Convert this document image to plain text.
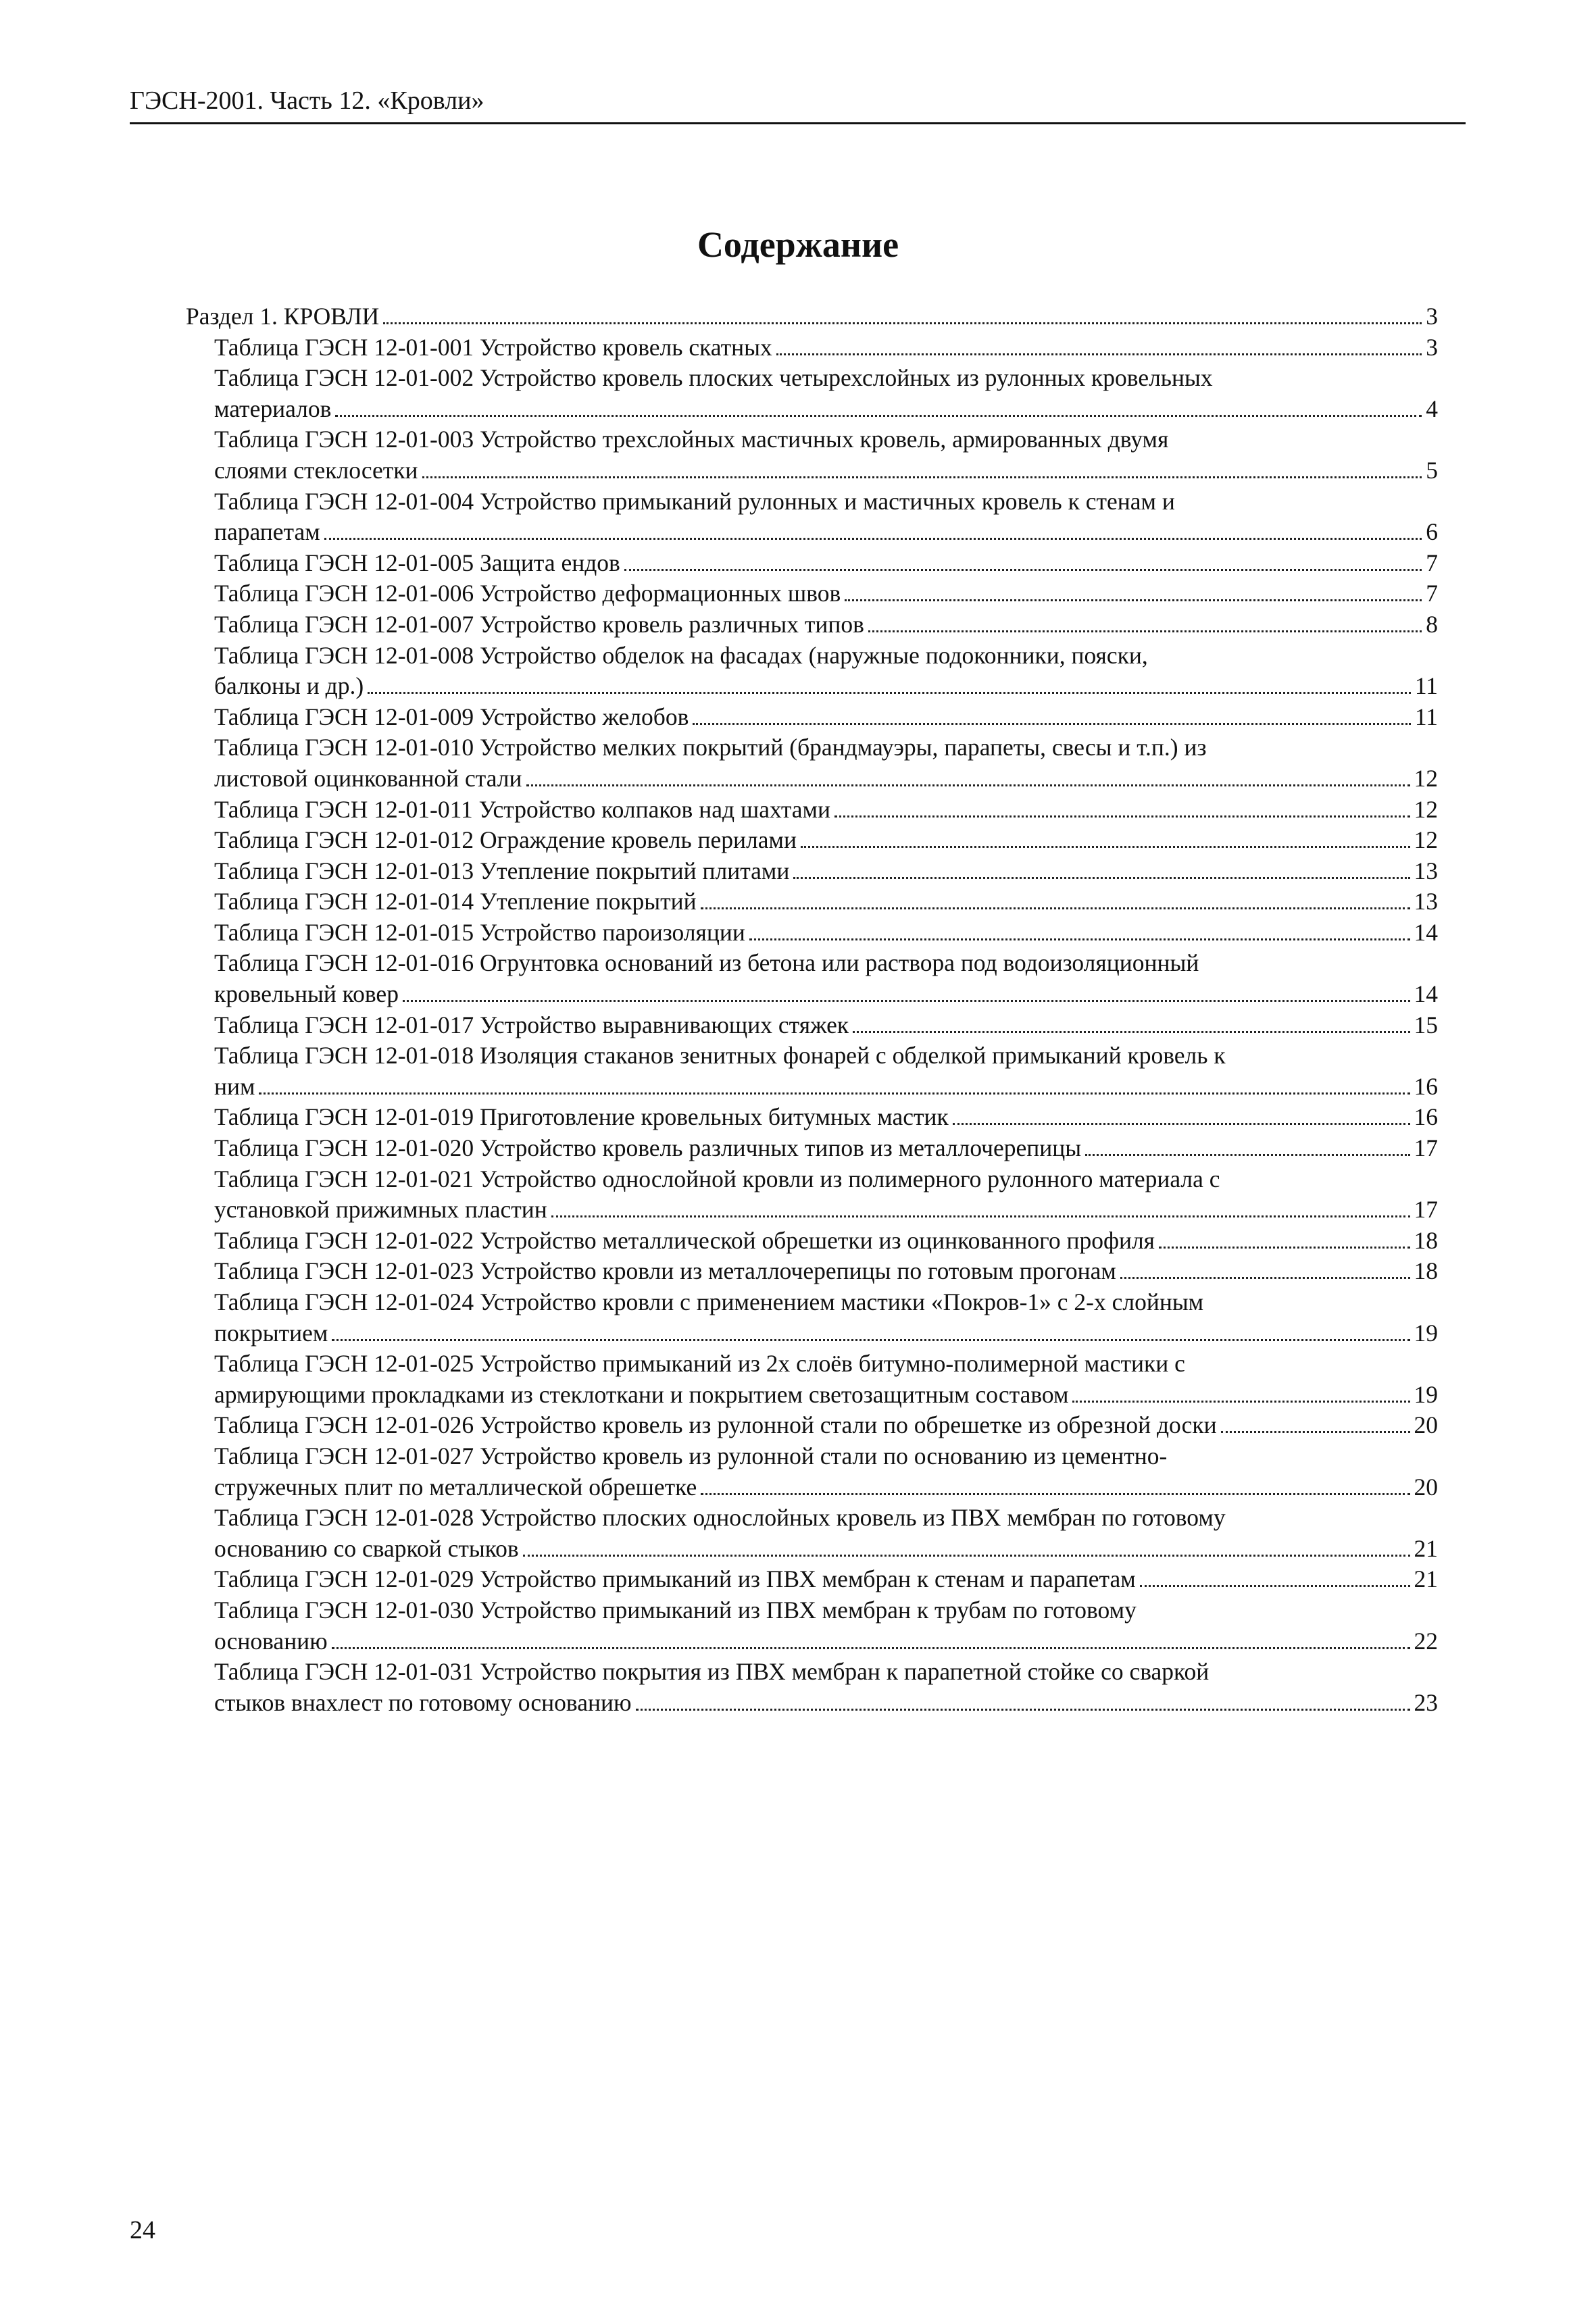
ГЭСН-2001. Часть 12. «Кровли»
Содержание
Раздел 1. КРОВЛИ	3
Таблица ГЭСН 12-01-001 Устройство кровель скатных	3
Таблица ГЭСН 12-01-002 Устройство кровель плоских четырехслойных из рулонных кровельных
материалов	4
Таблица ГЭСН 12-01-003 Устройство трехслойных мастичных кровель, армированных двумя
слоями стеклосетки	5
Таблица ГЭСН 12-01-004 Устройство примыканий рулонных и мастичных кровель к стенам и
парапетам	6
Таблица ГЭСН 12-01-005 Защита ендов	7
Таблица ГЭСН 12-01-006 Устройство деформационных швов	7
Таблица ГЭСН 12-01-007 Устройство кровель различных типов	8
Таблица ГЭСН 12-01-008 Устройство обделок на фасадах (наружные подоконники, пояски,
балконы и др.)	11
Таблица ГЭСН 12-01-009 Устройство желобов	11
Таблица ГЭСН 12-01-010 Устройство мелких покрытий (брандмауэры, парапеты, свесы и т.п.) из
листовой оцинкованной стали	12
Таблица ГЭСН 12-01-011 Устройство колпаков над шахтами	12
Таблица ГЭСН 12-01-012 Ограждение кровель перилами	12
Таблица ГЭСН 12-01-013 Утепление покрытий плитами	13
Таблица ГЭСН 12-01-014 Утепление покрытий	13
Таблица ГЭСН 12-01-015 Устройство пароизоляции	14
Таблица ГЭСН 12-01-016 Огрунтовка оснований из бетона или раствора под водоизоляционный
кровельный ковер	14
Таблица ГЭСН 12-01-017 Устройство выравнивающих стяжек	15
Таблица ГЭСН 12-01-018 Изоляция стаканов зенитных фонарей с обделкой примыканий кровель к
ним	16
Таблица ГЭСН 12-01-019 Приготовление кровельных битумных мастик	16
Таблица ГЭСН 12-01-020 Устройство кровель различных типов из металлочерепицы	17
Таблица ГЭСН 12-01-021 Устройство однослойной кровли из полимерного рулонного материала с
установкой прижимных пластин	17
Таблица ГЭСН 12-01-022 Устройство металлической обрешетки из оцинкованного профиля	18
Таблица ГЭСН 12-01-023 Устройство кровли из металлочерепицы по готовым прогонам	18
Таблица ГЭСН 12-01-024 Устройство кровли с применением мастики «Покров-1» с 2-х слойным
покрытием	19
Таблица ГЭСН 12-01-025 Устройство примыканий из 2х слоёв битумно-полимерной мастики с
армирующими прокладками из стеклоткани и покрытием светозащитным составом	19
Таблица ГЭСН 12-01-026 Устройство кровель из рулонной стали по обрешетке из обрезной доски	20
Таблица ГЭСН 12-01-027 Устройство кровель из рулонной стали по основанию из цементно-
стружечных плит по металлической обрешетке	20
Таблица ГЭСН 12-01-028 Устройство плоских однослойных кровель из ПВХ мембран по готовому
основанию со сваркой стыков	21
Таблица ГЭСН 12-01-029 Устройство примыканий из ПВХ мембран к стенам и парапетам	21
Таблица ГЭСН 12-01-030 Устройство примыканий из ПВХ мембран к трубам по готовому
основанию	22
Таблица ГЭСН 12-01-031 Устройство покрытия из ПВХ мембран к парапетной стойке со сваркой
стыков внахлест по готовому основанию	23
24
